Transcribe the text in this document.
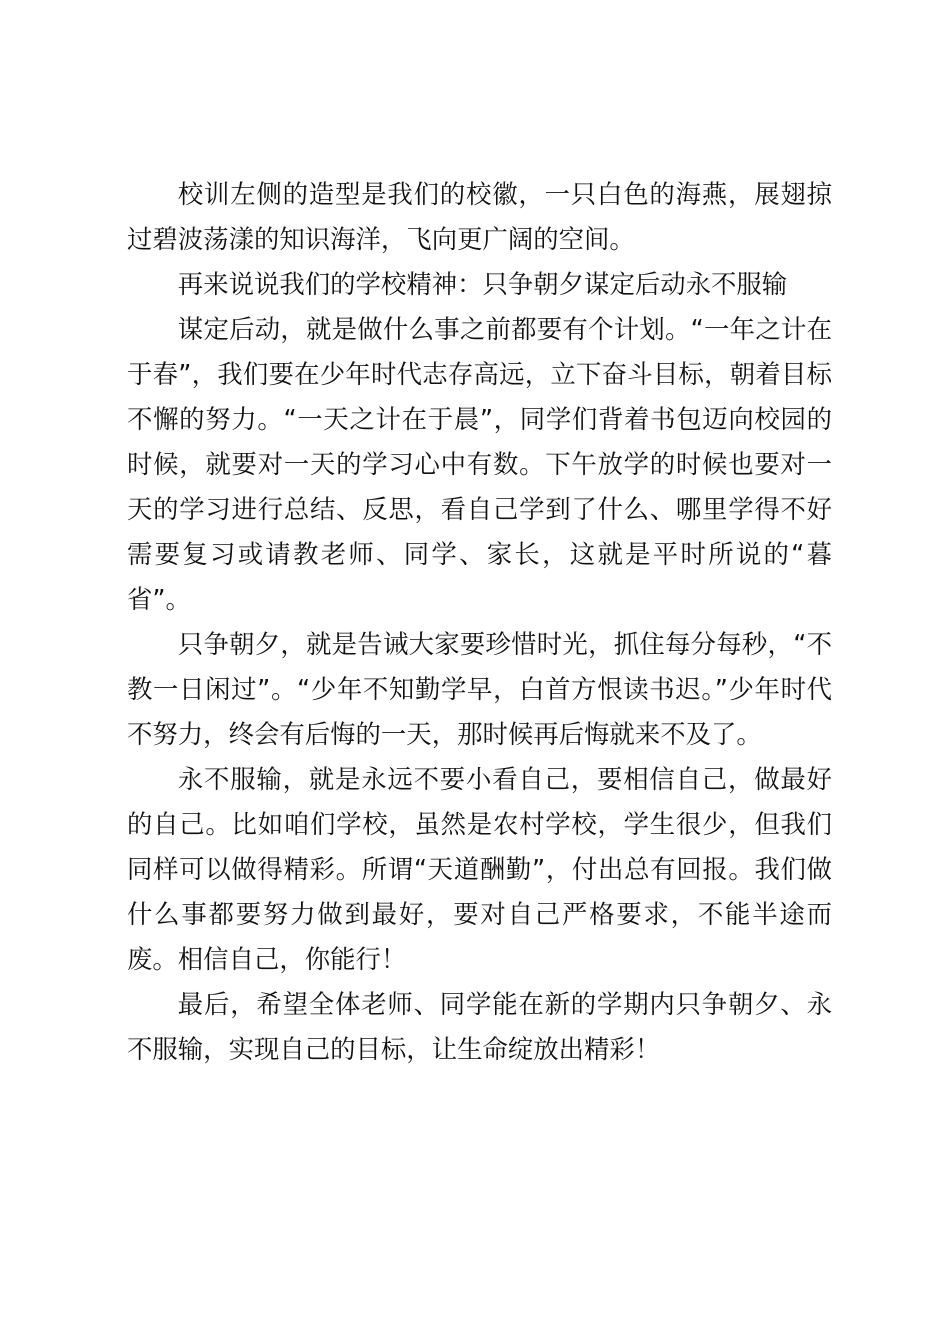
校训左侧的造型是我们的校徽，一只白色的海燕，展翅掠过碧波荡漾的知识海洋，飞向更广阔的空间。

再来说说我们的学校精神：只争朝夕谋定后动永不服输

谋定后动，就是做什么事之前都要有个计划。“一年之计在于春”，我们要在少年时代志存高远，立下奋斗目标，朝着目标不懈的努力。“一天之计在于晨”，同学们背着书包迈向校园的时候，就要对一天的学习心中有数。下午放学的时候也要对一天的学习进行总结、反思，看自己学到了什么、哪里学得不好需要复习或请教老师、同学、家长，这就是平时所说的“暮省”。

只争朝夕，就是告诫大家要珍惜时光，抓住每分每秒，“不教一日闲过”。“少年不知勤学早，白首方恨读书迟。”少年时代不努力，终会有后悔的一天，那时候再后悔就来不及了。

永不服输，就是永远不要小看自己，要相信自己，做最好的自己。比如咱们学校，虽然是农村学校，学生很少，但我们同样可以做得精彩。所谓“天道酬勤”，付出总有回报。我们做什么事都要努力做到最好，要对自己严格要求，不能半途而废。相信自己，你能行！

最后，希望全体老师、同学能在新的学期内只争朝夕、永不服输，实现自己的目标，让生命绽放出精彩！
